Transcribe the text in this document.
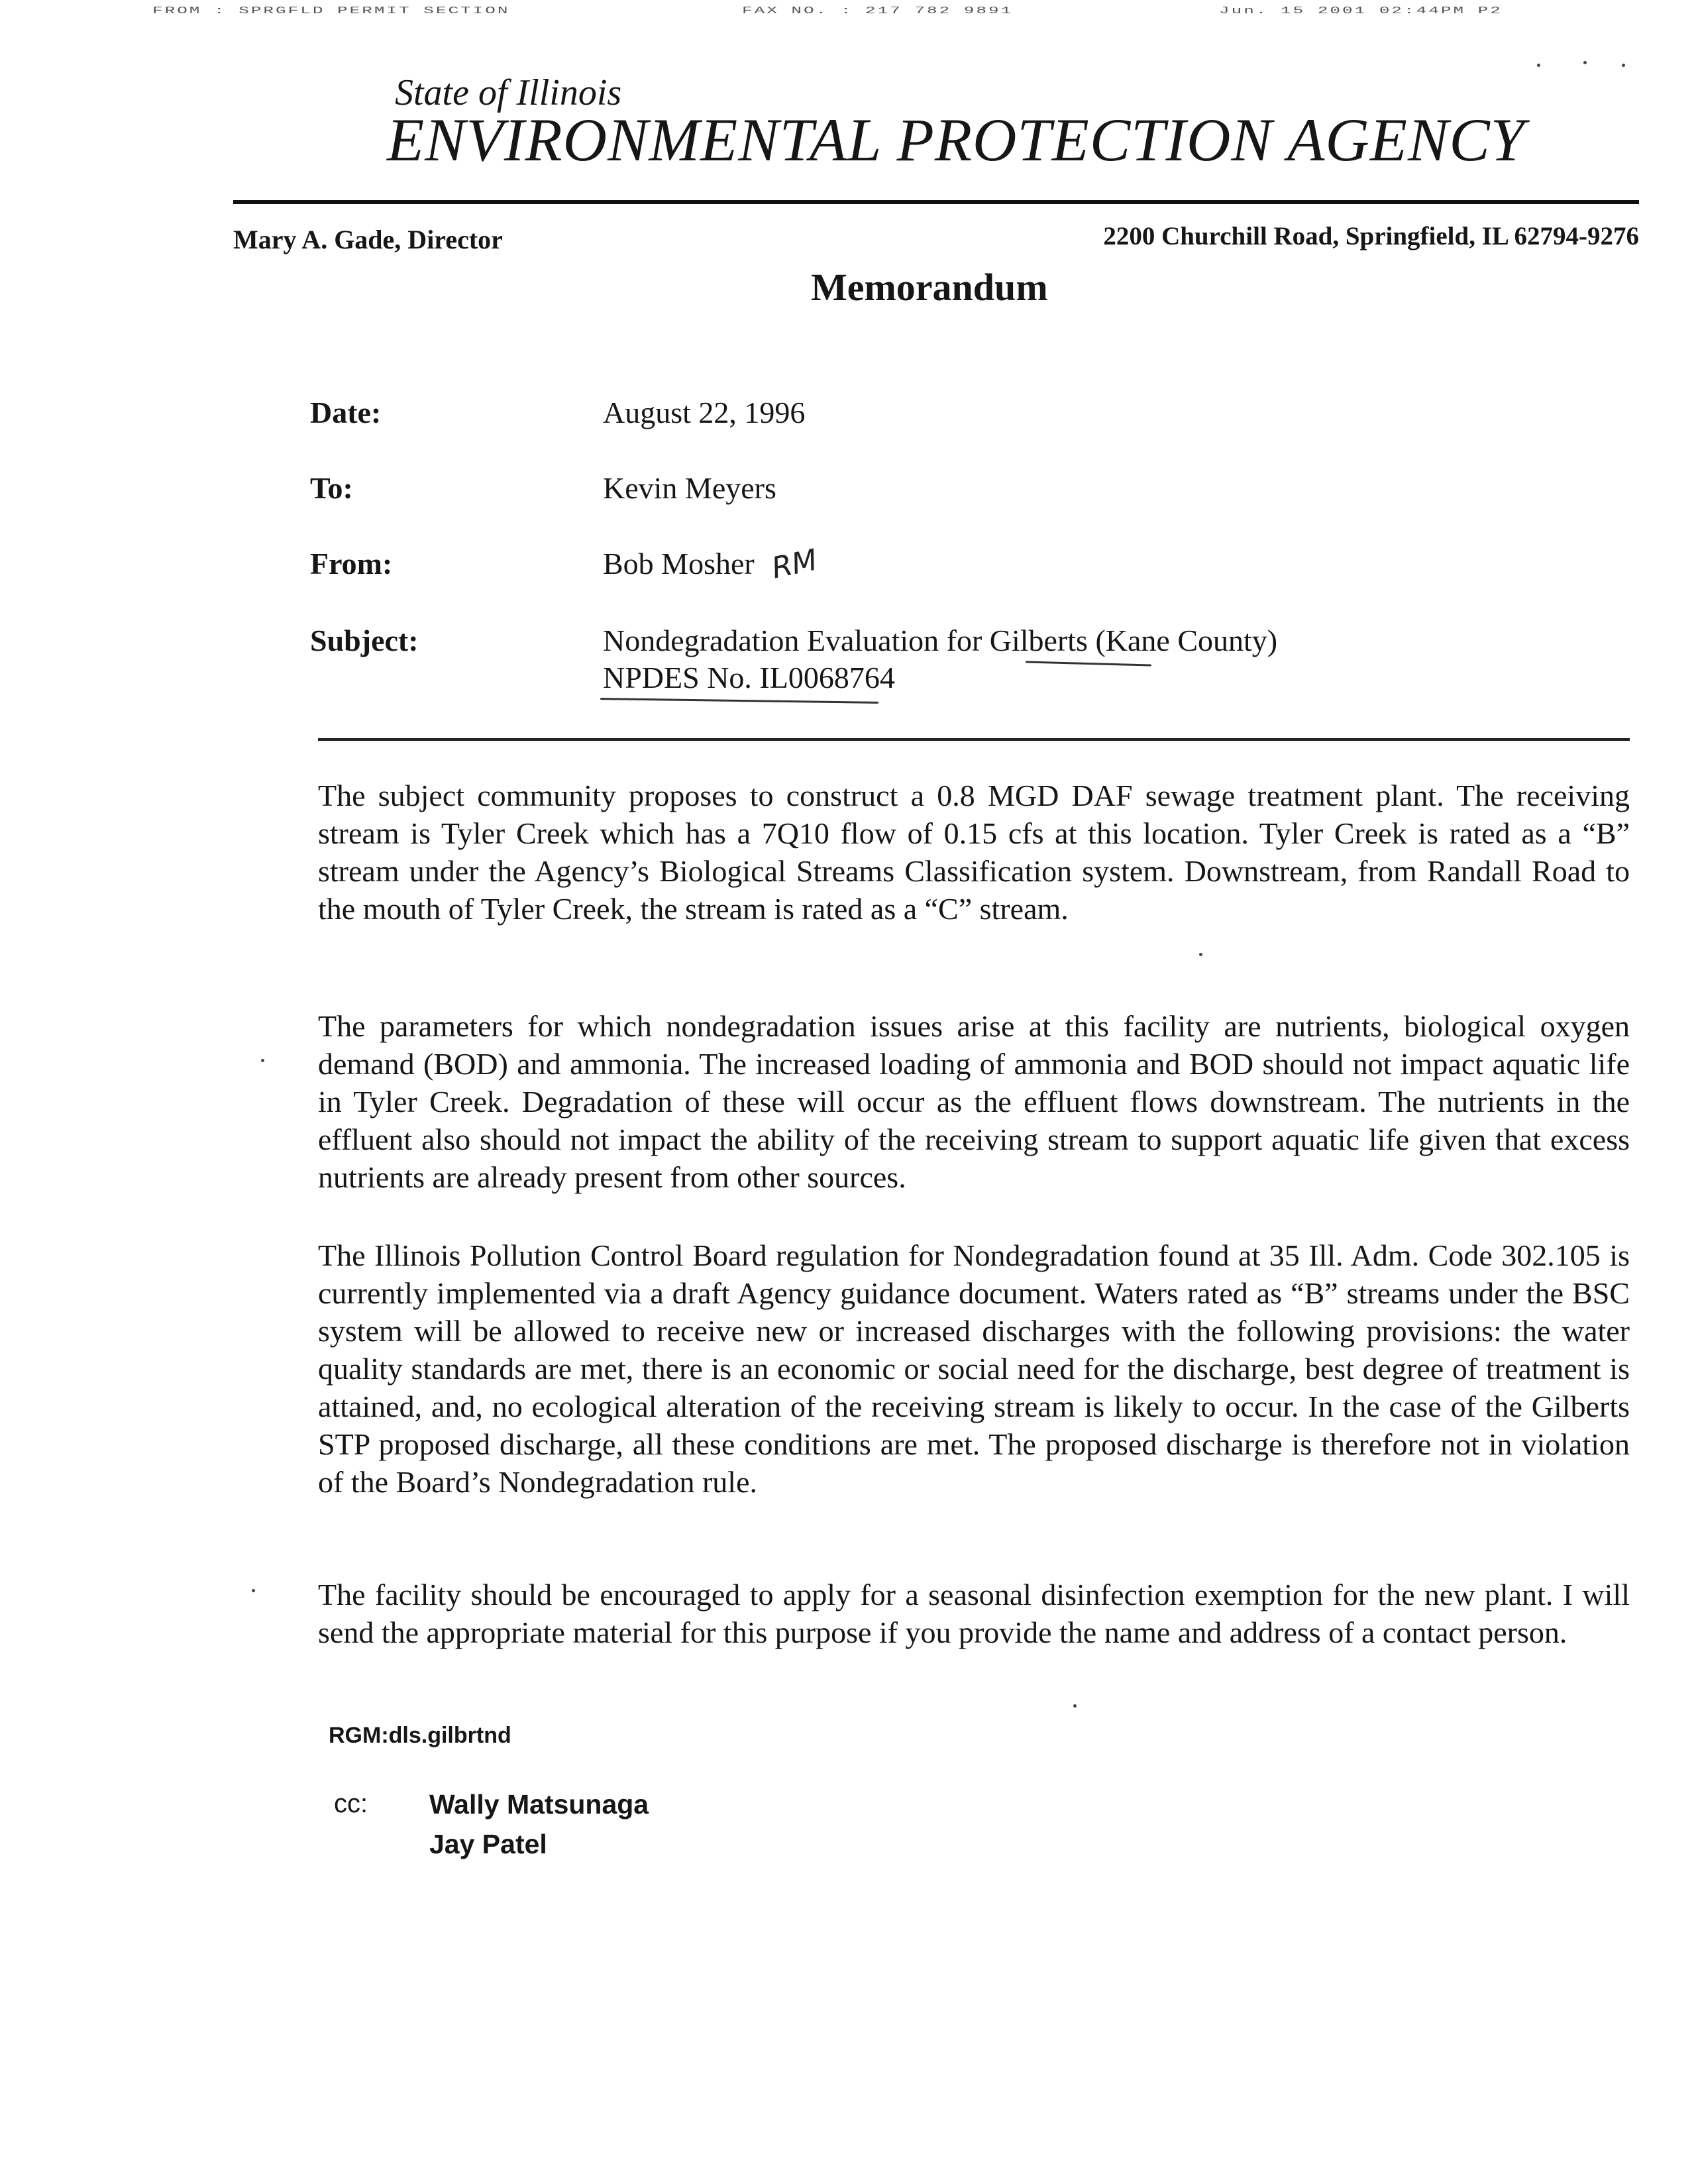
FROM : SPRGFLD PERMIT SECTION	FAX NO. : 217 782 9891	Jun. 15 2001 02:44PM P2
State of Illinois
ENVIRONMENTAL PROTECTION AGENCY
Mary A. Gade, Director	2200 Churchill Road, Springfield, IL 62794-9276
Memorandum
Date:	August 22, 1996
To:	Kevin Meyers
From:	Bob Mosher RM
Subject:	Nondegradation Evaluation for Gilberts (Kane County)
NPDES No. IL0068764
The subject community proposes to construct a 0.8 MGD DAF sewage treatment plant. The receiving stream is Tyler Creek which has a 7Q10 flow of 0.15 cfs at this location. Tyler Creek is rated as a “B” stream under the Agency’s Biological Streams Classification system. Downstream, from Randall Road to the mouth of Tyler Creek, the stream is rated as a “C” stream.
The parameters for which nondegradation issues arise at this facility are nutrients, biological oxygen demand (BOD) and ammonia. The increased loading of ammonia and BOD should not impact aquatic life in Tyler Creek. Degradation of these will occur as the effluent flows downstream. The nutrients in the effluent also should not impact the ability of the receiving stream to support aquatic life given that excess nutrients are already present from other sources.
The Illinois Pollution Control Board regulation for Nondegradation found at 35 Ill. Adm. Code 302.105 is currently implemented via a draft Agency guidance document. Waters rated as “B” streams under the BSC system will be allowed to receive new or increased discharges with the following provisions: the water quality standards are met, there is an economic or social need for the discharge, best degree of treatment is attained, and, no ecological alteration of the receiving stream is likely to occur. In the case of the Gilberts STP proposed discharge, all these conditions are met. The proposed discharge is therefore not in violation of the Board’s Nondegradation rule.
The facility should be encouraged to apply for a seasonal disinfection exemption for the new plant. I will send the appropriate material for this purpose if you provide the name and address of a contact person.
RGM:dls.gilbrtnd
cc: Wally Matsunaga
Jay Patel
